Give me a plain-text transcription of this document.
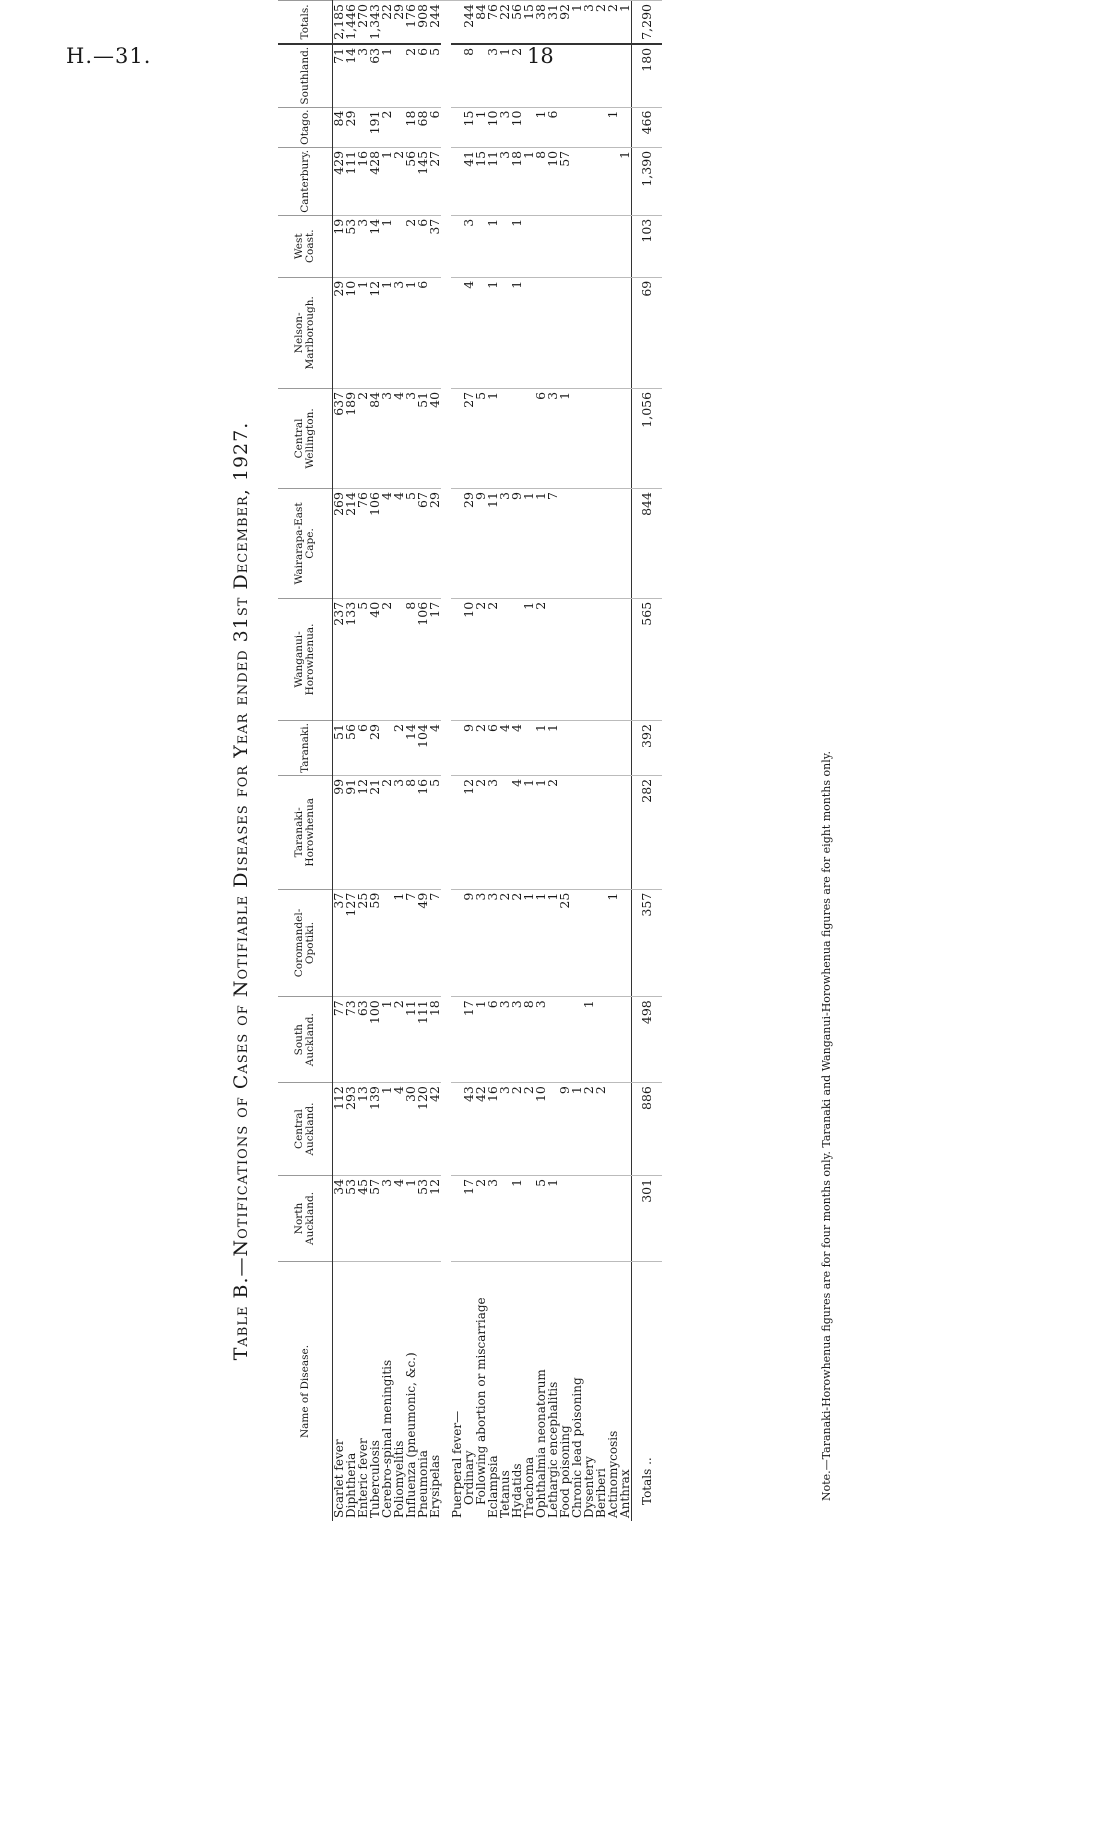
H.—31.	18
Table B.—Notifications of Cases of Notifiable Diseases for Year ended 31st December, 1927.
Name of Disease.	North Auckland.	Central Auckland.	South Auckland.	Coromandel-Opotiki.	Taranaki-Horowhenua	Taranaki.	Wanganui-Horowhenua.	Wairarapa-East Cape.	Central Wellington.	Nelson-Marlborough.	West Coast.	Canterbury.	Otago.	Southland.	Totals.
Scarlet fever	34	112	77	37	99	51	237	269	637	29	19	429	84	71	2,185
Diphtheria	53	293	73	127	91	56	133	214	189	10	53	111	29	14	1,446
Enteric fever	45	13	63	25	12	6	5	76	2	1	3	16		3	270
Tuberculosis	57	139	100	59	21	29	40	106	84	12	14	428	191	63	1,343
Cerebro-spinal meningitis	3	1	1		2		2	4	3	1	1	1	2	1	22
Poliomyelitis	4	4	2	1	3	2		4	4	3		2			29
Influenza (pneumonic, &c.)	1	30	11	7	8	14	8	5	3	1	2	56	18	2	176
Pneumonia	53	120	111	49	16	104	106	67	51	6	6	145	68	6	908
Erysipelas	12	42	18	7	5	4	17	29	40		37	27	6	5	244

Puerperal fever—															
Ordinary	17	43	17	9	12	9	10	29	27	4	3	41	15	8	244
Following abortion or miscarriage	2	42	1	3	2	2	2	9	5			15	1		84
Eclampsia	3	16	6	3	3	6	2	11	1	1	1	11	10	3	76
Tetanus		3	3	2		4		3				3	3	1	22
Hydatids	1	2	3	2	4	4		9		1	1	18	10	2	56
Trachoma		2	8	1	1		1	1				1			15
Ophthalmia neonatorum	5	10	3	1	1	1	2	1	6			8	1		38
Lethargic encephalitis	1			1	2	1		7	3			10	6		31
Food poisoning		9		25					1			57			92
Chronic lead poisoning		1													1
Dysentery		2	1												3
Beriberi		2													2
Actinomycosis				1									1		2
Anthrax												1			1
Totals ..	301	886	498	357	282	392	565	844	1,056	69	103	1,390	466	180	7,290
Note.—Taranaki-Horowhenua figures are for four months only. Taranaki and Wanganui-Horowhenua figures are for eight months only.
